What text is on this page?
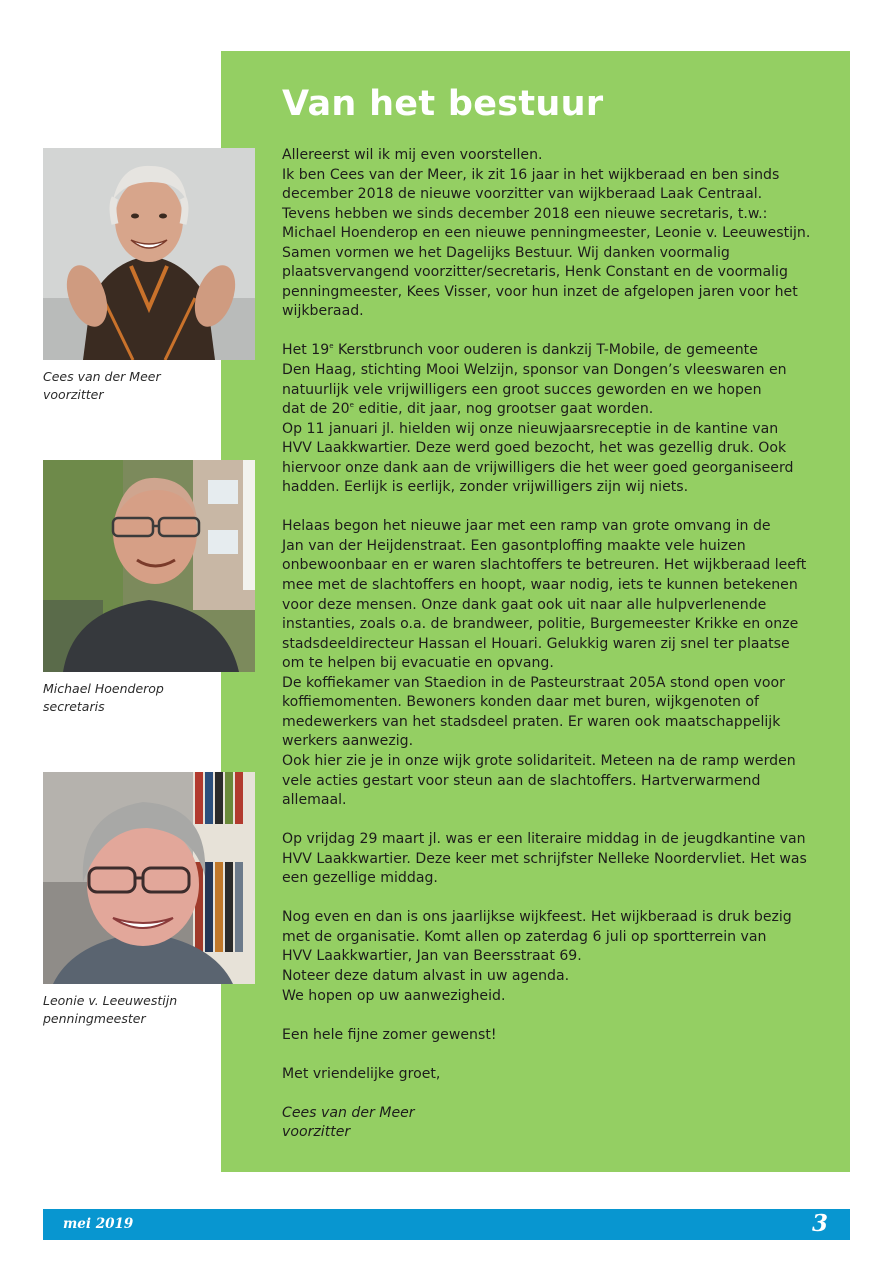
Van het bestuur
Allereerst wil ik mij even voorstellen.
Ik ben Cees van der Meer, ik zit 16 jaar in het wijkberaad en ben sinds
december 2018 de nieuwe voorzitter van wijkberaad Laak Centraal.
Tevens hebben we sinds december 2018 een nieuwe secretaris, t.w.:
Michael Hoenderop en een nieuwe penningmeester, Leonie v. Leeuwestijn.
Samen vormen we het Dagelijks Bestuur. Wij danken voormalig
plaatsvervangend voorzitter/secretaris, Henk Constant en de voormalig
penningmeester, Kees Visser, voor hun inzet de afgelopen jaren voor het
wijkberaad.
Het 19e Kerstbrunch voor ouderen is dankzij T-Mobile, de gemeente
Den Haag, stichting Mooi Welzijn, sponsor van Dongen’s vleeswaren en
natuurlijk vele vrijwilligers een groot succes geworden en we hopen
dat de 20e editie, dit jaar, nog grootser gaat worden.
Op 11 januari jl. hielden wij onze nieuwjaarsreceptie in de kantine van
HVV Laakkwartier. Deze werd goed bezocht, het was gezellig druk. Ook
hiervoor onze dank aan de vrijwilligers die het weer goed georganiseerd
hadden. Eerlijk is eerlijk, zonder vrijwilligers zijn wij niets.
Helaas begon het nieuwe jaar met een ramp van grote omvang in de
Jan van der Heijdenstraat. Een gasontploffing maakte vele huizen
onbewoonbaar en er waren slachtoffers te betreuren. Het wijkberaad leeft
mee met de slachtoffers en hoopt, waar nodig, iets te kunnen betekenen
voor deze mensen. Onze dank gaat ook uit naar alle hulpverlenende
instanties, zoals o.a. de brandweer, politie, Burgemeester Krikke en onze
stadsdeeldirecteur Hassan el Houari. Gelukkig waren zij snel ter plaatse
om te helpen bij evacuatie en opvang.
De koffiekamer van Staedion in de Pasteurstraat 205A stond open voor
koffiemomenten. Bewoners konden daar met buren, wijkgenoten of
medewerkers van het stadsdeel praten. Er waren ook maatschappelijk
werkers aanwezig.
Ook hier zie je in onze wijk grote solidariteit. Meteen na de ramp werden
vele acties gestart voor steun aan de slachtoffers. Hartverwarmend
allemaal.
Op vrijdag 29 maart jl. was er een literaire middag in de jeugdkantine van
HVV Laakkwartier. Deze keer met schrijfster Nelleke Noordervliet. Het was
een gezellige middag.
Nog even en dan is ons jaarlijkse wijkfeest. Het wijkberaad is druk bezig
met de organisatie. Komt allen op zaterdag 6 juli op sportterrein van
HVV Laakkwartier, Jan van Beersstraat 69.
Noteer deze datum alvast in uw agenda.
We hopen op uw aanwezigheid.
Een hele fijne zomer gewenst!
Met vriendelijke groet,
Cees van der Meer
voorzitter
Cees van der Meer
voorzitter
Michael Hoenderop
secretaris
Leonie v. Leeuwestijn
penningmeester
mei 2019	3
